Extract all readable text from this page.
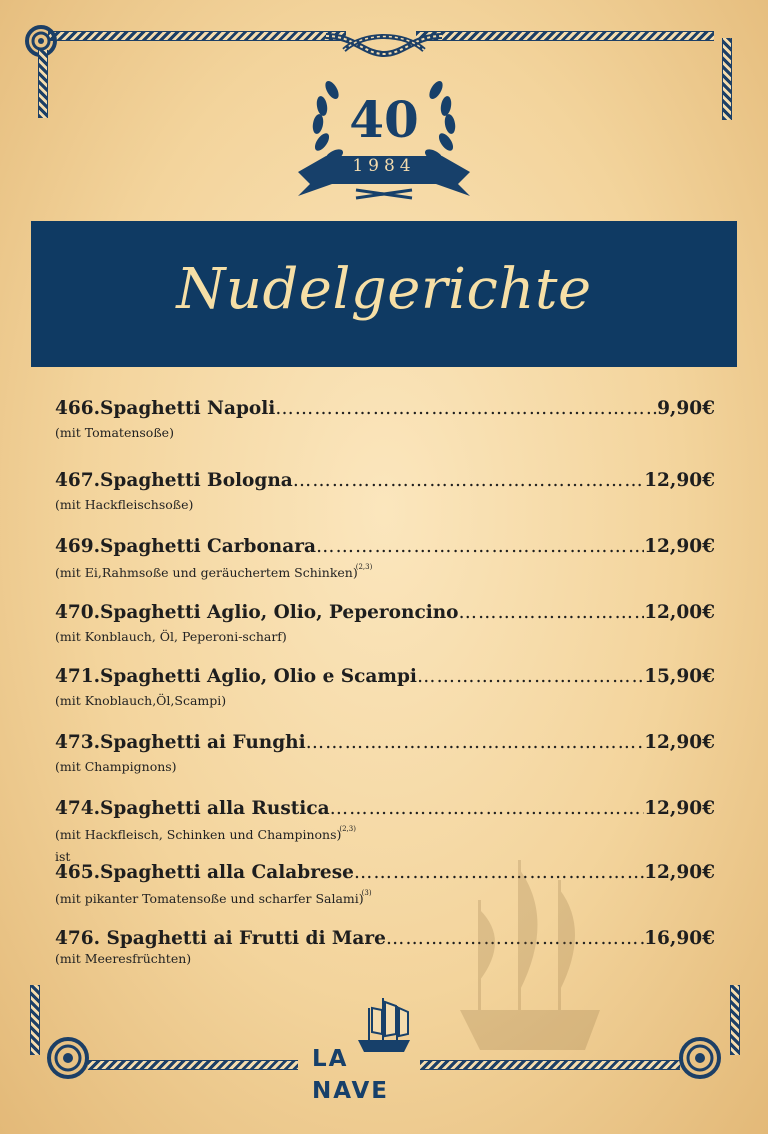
40
1984
Nudelgerichte
466.Spaghetti Napoli ……………………………………………………………………………………………………………………	9,90€
(mit Tomatensoße)
467.Spaghetti Bologna ……………………………………………………………………………………………………………………	12,90€
(mit Hackfleischsoße)
469.Spaghetti Carbonara ……………………………………………………………………………………………………………………	12,90€
(mit Ei,Rahmsoße und geräuchertem Schinken)$^{(2,3)}$
470.Spaghetti Aglio, Olio, Peperoncino ……………………………………………………………………………………………………………………	12,00€
(mit Konblauch, Öl, Peperoni-scharf)
471.Spaghetti Aglio, Olio e Scampi ……………………………………………………………………………………………………………………	15,90€
(mit Knoblauch,Öl,Scampi)
473.Spaghetti ai Funghi ……………………………………………………………………………………………………………………	12,90€
(mit Champignons)
474.Spaghetti alla Rustica ……………………………………………………………………………………………………………………	12,90€
(mit Hackfleisch, Schinken und Champinons)$^{(2,3)}$
ist
465.Spaghetti alla Calabrese ……………………………………………………………………………………………………………………	12,90€
(mit pikanter Tomatensoße und scharfer Salami)$^{(3)}$
476. Spaghetti ai Frutti di Mare ……………………………………………………………………………………………………………………	16,90€
(mit Meeresfrüchten)
LA
NAVE
